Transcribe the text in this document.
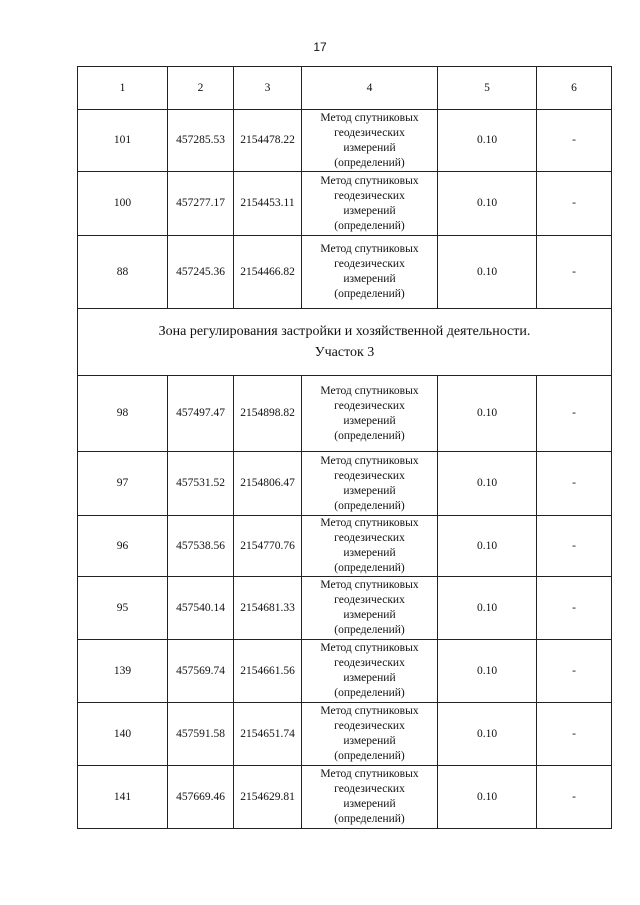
17
1	2	3	4	5	6
101	457285.53	2154478.22	Метод спутниковых
геодезических
измерений
(определений)	0.10	-
100	457277.17	2154453.11	Метод спутниковых
геодезических
измерений
(определений)	0.10	-
88	457245.36	2154466.82	Метод спутниковых
геодезических
измерений
(определений)	0.10	-

Зона регулирования застройки и хозяйственной деятельности.
Участок 3					

98	457497.47	2154898.82	Метод спутниковых
геодезических
измерений
(определений)	0.10	-
97	457531.52	2154806.47	Метод спутниковых
геодезических
измерений
(определений)	0.10	-
96	457538.56	2154770.76	Метод спутниковых
геодезических
измерений
(определений)	0.10	-
95	457540.14	2154681.33	Метод спутниковых
геодезических
измерений
(определений)	0.10	-
139	457569.74	2154661.56	Метод спутниковых
геодезических
измерений
(определений)	0.10	-
140	457591.58	2154651.74	Метод спутниковых
геодезических
измерений
(определений)	0.10	-
141	457669.46	2154629.81	Метод спутниковых
геодезических
измерений
(определений)	0.10	-
